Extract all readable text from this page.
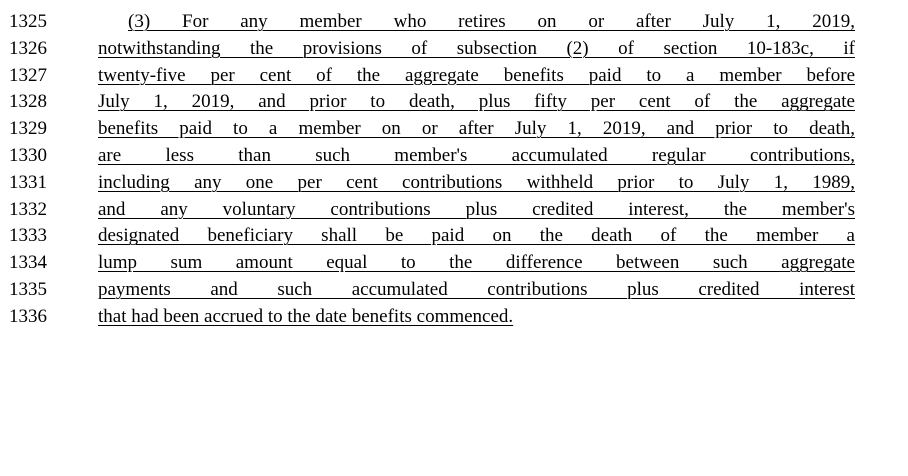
1325
1326
1327
1328
1329
1330
1331
1332
1333
1334
1335
1336
(3) For any member who retires on or after July 1, 2019,
notwithstanding the provisions of subsection (2) of section 10-183c, if
twenty-five per cent of the aggregate benefits paid to a member before
July 1, 2019, and prior to death, plus fifty per cent of the aggregate
benefits paid to a member on or after July 1, 2019, and prior to death,
are less than such member's accumulated regular contributions,
including any one per cent contributions withheld prior to July 1, 1989,
and any voluntary contributions plus credited interest, the member's
designated beneficiary shall be paid on the death of the member a
lump sum amount equal to the difference between such aggregate
payments and such accumulated contributions plus credited interest
that had been accrued to the date benefits commenced.
